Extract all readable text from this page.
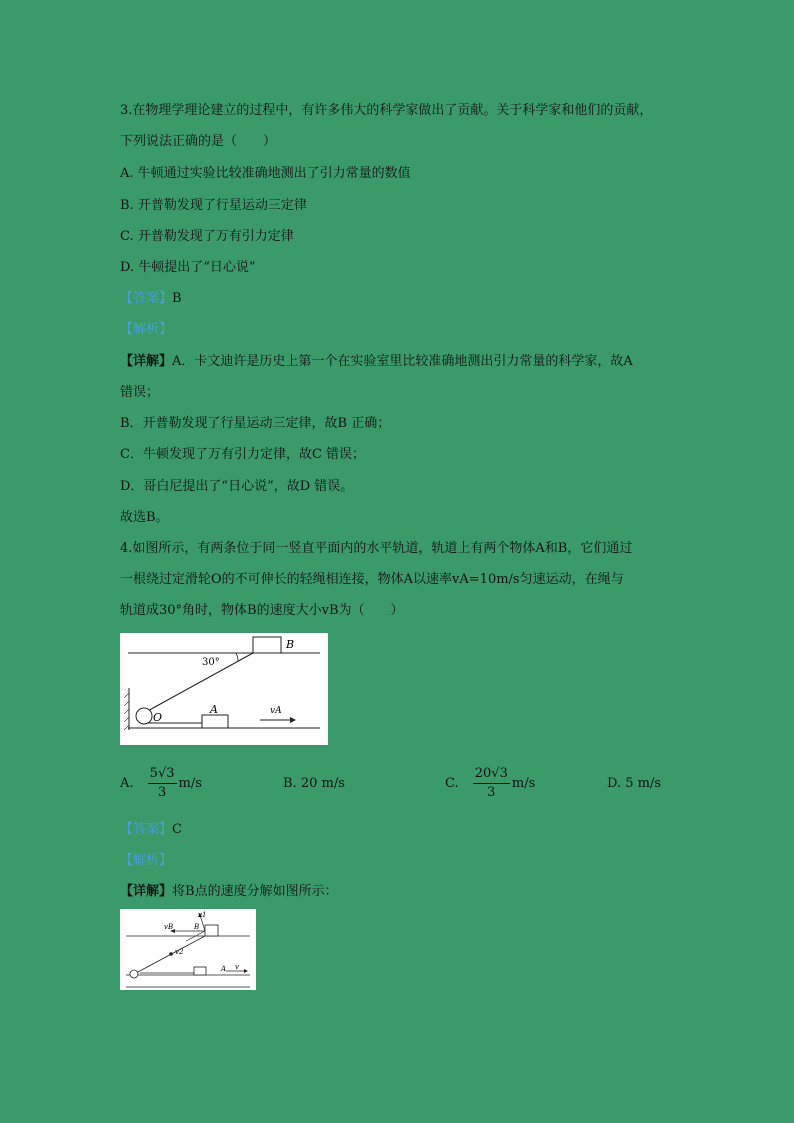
3.在物理学理论建立的过程中，有许多伟大的科学家做出了贡献。关于科学家和他们的贡献，
下列说法正确的是（　　）
A. 牛顿通过实验比较准确地测出了引力常量的数值
B. 开普勒发现了行星运动三定律
C. 开普勒发现了万有引力定律
D. 牛顿提出了“日心说”
【答案】B
【解析】
【详解】A．卡文迪许是历史上第一个在实验室里比较准确地测出引力常量的科学家，故A
错误；
B．开普勒发现了行星运动三定律，故B 正确；
C．牛顿发现了万有引力定律，故C 错误；
D．哥白尼提出了“日心说”，故D 错误。
故选B。
4.如图所示，有两条位于同一竖直平面内的水平轨道，轨道上有两个物体A和B，它们通过
一根绕过定滑轮O的不可伸长的轻绳相连接，物体A以速率vA=10m/s匀速运动，在绳与
轨道成30°角时，物体B的速度大小vB为（　　）
B
30°
O
A	vA
A. $\frac{5√3}{3} m/s$	B. 20 m/s	C. $\frac{20√3}{3} m/s$	D. 5 m/s
【答案】C
【解析】
【详解】将B点的速度分解如图所示：
v1
v2
vB	B
A v
